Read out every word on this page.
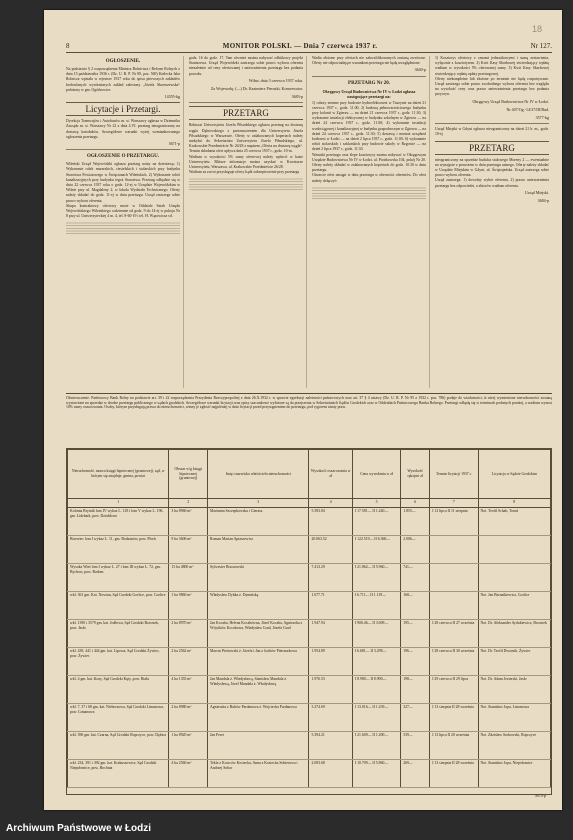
18
8	MONITOR POLSKI. — Dnia 7 czerwca 1937 r.	Nr 127.
OGŁOSZENIE.
Na podstawie § 2 rozporządzenia Ministra Rolnictwa i Reform Rolnych z dnia 15 października 1936 r. (Dz. U. R. P. Nr 80, poz. 569) Kielecka Izba Rolnicza wpisała w rejestrze 1937 roku do spisu pierwszych zakładów hodowlanych wyróżnionych zakład zalesiony „Józefa Skrzeszewska“ położony w gm. Ogórkowice.
14355-kg
Licytacje i Przetargi.
Dyrekcja Tramwajów i Autobusów m. st. Warszawy ogłasza w Dzienniku Zarządu m. st. Warszawy Nr 22 z dnia 4.VI. przetarg nieograniczony na dostawę katoduków. Szczegółowe warunki wyżej wzmiankowanego ogłoszenia przetargu.
3671-p
OGŁOSZENIE O PRZETARGU.
Wileński Urząd Wojewódzki ogłasza przetarg ustny na dzierżawę: 1) Wykonanie robót murarskich, ciesielskich i stolarskich przy budynku Starostwa Powiatowego w Święcianach Wileńskich. 2) Wykonanie robót kanalizacyjnych przy budynku tegoż Starostwa. Przetarg odbędzie się w dniu 22 czerwca 1937 roku o godz. 12-ej w Urzędzie Wojewódzkim w Wilnie przy ul. Magdaleny 2, w lokalu Wydziału Technicznego. Oferty należy składać do godz. 11-ej w dniu przetargu. Urząd zastrzega sobie prawo wyboru oferenta.
Skupu kontraktowy ofertowy może w Oddziale Sztab Urzędu Wojewódzkiego Wileńskiego codziennie od godz. 9 do 14-ej w pokoju Nr 8 przy ul. Uniwersyteckiej 4 m. 4, tel. 8-60-19 i tel. H. Wąsowicza cd.
godz. 16 do godz. 17. Tam również można nabywać odbitkowy projekt Staniszewa. Urząd Wojewódzki zastrzega sobie prawo wyboru oferenta niezależnie od ceny ofertowanej i unieważnienia przetargu bez podania powodu.
Wilno, dnia 3 czerwca 1937 roku.
Za Wojewodę: (—) Dr. Kazimierz Pieruski, Konserwator.
3683-p
PRZETARG
Rektorat Uniwersytetu Józefa Piłsudskiego ogłasza przetarg na dostawę węgla Dąbrowskiego z przeznaczeniem dla Uniwersytetu Józefa Piłsudskiego w Warszawie. Oferty w zalakowanych kopertach należy nadsyłać do Sekretariatu Uniwersytetu Józefa Piłsudskiego, ul. Krakowskie Przedmieście Nr 26/28 z napisem „Oferta na dostawę węgla“. Termin składania ofert upływa dnia 25 czerwca 1937 r., godz. 10-ta.
Wadium w wysokości 5% sumy ofertowej należy wpłacić w kasie Uniwersytetu. Bliższe informacje można uzyskać w Kwesturze Uniwersytetu, Warszawa, ul. Krakowskie Przedmieście 26/28.
Wadium za zwrot przysługuje oferty bądź zabezpieczenie przy przetargu
Wadia złożone przy ofertach nie zakwalifikowanych zostaną zwrócone. Oferty nie odpowiadające warunkom przetargu nie będą uwzględnione.
3640-p
PRZETARG Nr 20.
Okręgowy Urząd Budownictwa Nr IV w Łodzi ogłasza następujące przetargi na:
1) roboty ziemne przy budowie hydroelektrowni w Tuszynie na dzień 21 czerwca 1937 r., godz. 11.00; 2) budowę pełnowartościowego budynku przy kolonii w Zgierzu — na dzień 21 czerwca 1937 r., godz. 11.30; 3) wykonanie instalacji elektrycznej w budynku szkolnym w Zgierzu — na dzień 24 czerwca 1937 r., godz. 11.00; 4) wykonanie instalacji wodociągowej i kanalizacyjnej w budynku gospodarczym w Zgierzu — na dzień 24 czerwca 1937 r., godz. 11.30; 5) dostawę i montaż urządzeń kotłowni w Łodzi — na dzień 2 lipca 1937 r., godz. 11.00; 6) wykonanie robót stolarskich i szklarskich przy budowie szkoły w Rzgowie — na dzień 2 lipca 1937 r., godz. 11.30.
Warunki przetargu oraz ślepe kosztorysy można nabywać w Okręgowym Urzędzie Budownictwa Nr IV w Łodzi, ul. Piotrkowska 104, pokój Nr 20. Oferty należy składać w zalakowanych kopertach do godz. 10.30 w dniu przetargu.
Otwarcie ofert nastąpi w dniu przetargu w obecności oferentów. Do ofert należy dołączyć:
1) Kosztorys ofertowy z cenami jednostkowymi i sumą zestawienia, wyłącznie z kosztorysem. 2) Kwit Kasy Skarbowej stwierdzający wpłatę wadium w wysokości 5% oferowanej sumy. 3) Kwit Kasy Skarbowej stwierdzający wpłatę opłaty przetargowej.
Oferty niekompletne lub złożone po terminie nie będą rozpatrywane. Urząd zastrzega sobie prawo swobodnego wyboru oferenta bez względu na wysokość ceny oraz prawo unieważnienia przetargu bez podania przyczyn.
Okręgowy Urząd Budownictwa Nr IV w Łodzi.
Nr 407/Og.-14/37/III/Bud.
3577-kg
Urząd Miejski w Gdyni ogłasza nieograniczony na dzień 21 b. m., godz. 10-ej
PRZETARG
nieograniczony na sprzedaż budulca stalowego Moreny 2 — ewentualnie na wynajęcie z powrotem w dniu przetargu ustnego. Oferty należy składać w Urzędzie Miejskim w Gdyni, ul. Świętojańska. Urząd zastrzega sobie prawo wyboru oferenta.
Urząd zastrzega: 1) dowolny wybór oferenta, 2) prawo unieważnienia przetargu bez odpowiedzi, a zbiorów wadium oferenta.
Urząd Miejski.
3684-p
Obwieszczenie. Państwowy Bank Rolny na podstawie art. 39 i 22 rozporządzenia Prezydenta Rzeczypospolitej z dnia 26.X.1932 r. w sprawie egzekucji należności państwowych oraz art. 37 § 4 ustawy (Dz. U. R. P. Nr 95 z 1932 r. poz. 786) podaje do wiadomości, iż niżej wymienione nieruchomości zostaną wystawione na sprzedaż w drodze przetargu publicznego w sądach grodzkich. Szczegółowe warunki licytacji oraz opisy szacunkowe wyłożone są do przejrzenia w Sekretariatach Sądów Grodzkich oraz w Oddziałach Państwowego Banku Rolnego. Przetargi odbędą się w terminach podanych poniżej, a wadium wynosi 10% sumy oszacowania. Osoby, którym przysługują prawa do nieruchomości, winny je zgłosić najpóźniej w dniu licytacji przed przystąpieniem do przetargu, pod rygorem utraty praw.
Nieruchomość, nazwa księgi hipotecznej (gruntowej), sąd, w którym się znajduje, gmina, powiat	Obszar w/g księgi hipotecznej (gruntowej)	Imię i nazwisko właściciela nieruchomości	Wysokość oszacowania w zł	Cena wywołania w zł	Wysokość rękojmi zł	Termin licytacji 1937 r.	Licytacja w Sądzie Grodzkim
1	2	3	4	5	6	7	8
Kolonia Brytnik lom IV wykaz L. 129 i lom V wykaz L. 196, gm. Lidzbark, pow. Działdowo	3 ha 8960 m²	Marianna Szczepkowska i Gierasz	5.583.84	I 17.581— II 1.440—	1.855—	I 12 lipca II 11 sierpnia	Not. Teofil Schab, Toruń
Bisewiec lom I wykaz L. 11, gm. Bodzanów, pow. Płock	9 ha 3606 m²	Roman Marian Aptaszewicz	20.063.52	I 122.519— II 6.360—	2.006—		
Wysoka Wieś lom I wykaz L. 27 i lom III wykaz L. 72, gm. Bychow, pow. Radom	15 ha 4800 m²	Sylwester Brzozowski	7.413.29	I 21.862— II 5.960—	741—		
wkl. 361 gm. Kot. Nowtan, Sąd Grodzki Gorlice, pow. Gorlice	1 ha 9860 m²	Władysław Dybka ż. Dymińską	1.677.71	I 6.711— II 1.119—	168—		Not. Jan Bernatkiewicz, Gorlice
wkl. 1390 i 3579 gm. kat. Jodłowa, Sąd Grodzki Brzostek, pow. Jasło	2 ha 8970 m²	Jan Kocaba, Helena Kocabówna, Józef Kocaba, Agnieszka z Wójcików Kocabowa, Władysław Grad, Józefa Grad	1.947.94	I 906.46— II 3.609—	195—	I 28 czerwca II 27 września	Not. Dr. Aleksander Aydukiewicz, Brzostek
wkl. 439, 441 i 444 gm. kat. Lipowa, Sąd Grodzki Żywiec, pow. Żywiec	2 ha 2562 m²	Marcin Pietrowski ż. Józefa i Jan z Jozków Pietraszkowa	1.954.89	I 6.681— II 3.298—	196—	I 28 czerwca II 30 września	Not. Dr. Teofil Dwornik, Żywiec
wkl. 4 gm. kat. Kozy, Sąd Grodzki Kęty, pow. Biała	4 ha 1355 m²	Jan Mandala ż. Władysławą, Stanisław Mandala ż. Władysławą, Józef Mandala ż. Władysławą	1.976.53	I 8.980— II 8.990—	198—	I 29 czerwca II 29 lipca	Not. Dr. Adam Jezierski, Jasło
wkl. 7, 37 i 68 gm. kat. Nieborzowa, Sąd Grodzki Limanowa, pow. Limanowa	2 ha 8980 m²	Agnieszka z Bubów Pardanowa ż. Wojciecha Pardanowa	3.274.69	I 13.016— II 1.439—	327—	I 13 sierpnia II 28 września	Not. Stanisław Jopa, Limanowa
wkl. 396 gm. kat. Czarna, Sąd Grodzki Ropczyce, pow. Dębica	1 ha 8920 m²	Jan Feret	5.394.21	I 21.609— II 1.400—	539—	I 13 lipca II 20 września	Not. Zdzisław Srokowski, Ropczyce
wkl. 234, 391 i 392 gm. kat. Krakuszowice, Sąd Grodzki Niepołomice, pow. Bochnia	4 ha 2560 m²	Tekla z Kowców Kostecka, Anna z Kostecka Sobierowa i Andrzej Sobor	2.693.68	I 10.709— II 5.860—	269—	I 13 sierpnia II 28 września	Not. Stanisław Jopa, Niepołomice
3674-p
Archiwum Państwowe w Łodzi
